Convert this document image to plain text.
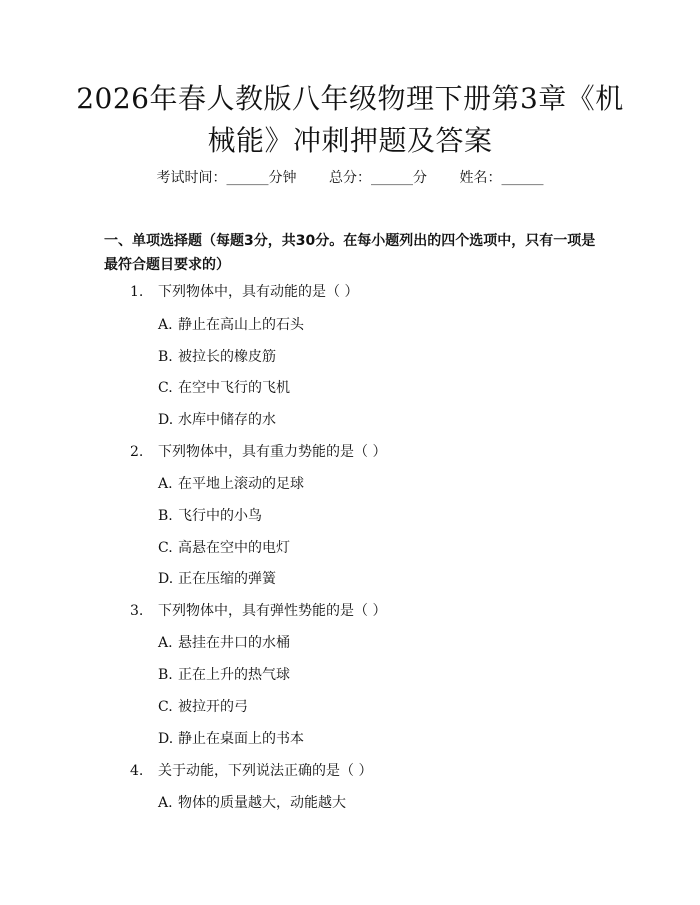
2026年春人教版八年级物理下册第3章《机械能》冲刺押题及答案
考试时间：______分钟 总分：______分 姓名：______
一、单项选择题（每题3分，共30分。在每小题列出的四个选项中，只有一项是最符合题目要求的）
1. 下列物体中，具有动能的是（ ）
A. 静止在高山上的石头
B. 被拉长的橡皮筋
C. 在空中飞行的飞机
D. 水库中储存的水
2. 下列物体中，具有重力势能的是（ ）
A. 在平地上滚动的足球
B. 飞行中的小鸟
C. 高悬在空中的电灯
D. 正在压缩的弹簧
3. 下列物体中，具有弹性势能的是（ ）
A. 悬挂在井口的水桶
B. 正在上升的热气球
C. 被拉开的弓
D. 静止在桌面上的书本
4. 关于动能，下列说法正确的是（ ）
A. 物体的质量越大，动能越大
